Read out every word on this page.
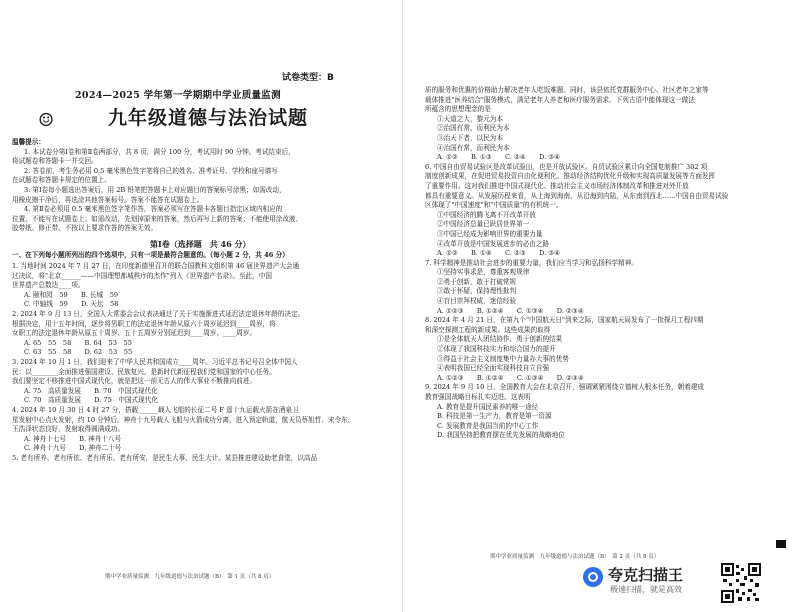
试卷类型：B
2024—2025 学年第一学期期中学业质量监测
☺	九年级道德与法治试题
温馨提示：
1. 本试卷分第Ⅰ卷和第Ⅱ卷两部分，共 8 页，满分 100 分，考试用时 90 分钟。考试结束后，
将试题卷和答题卡一并交回。
2. 答卷前，考生务必用 0.5 毫米黑色签字笔将自己的姓名、准考证号、学校和座号填写
在试题卷和答题卡规定的位置上。
3. 第Ⅰ卷每小题选出答案后，用 2B 铅笔把答题卡上对应题目的答案标号涂黑；如需改动，
用橡皮擦干净后，再选涂其他答案标号。答案不能答在试题卷上。
4. 第Ⅱ卷必须用 0.5 毫米黑色签字笔作答，答案必须写在答题卡各题目指定区域内相应的
位置，不能写在试题卷上；如需改动，先划掉原来的答案，然后再写上新的答案；不能使用涂改液、
胶带纸、修正带。不按以上要求作答的答案无效。
第Ⅰ卷（选择题　共 46 分）
一、在下列每小题所列出的四个选项中，只有一项是最符合题意的。（每小题 2 分，共 46 分）
1. 当地时间 2024 年 7 月 27 日，在印度新德里召开的联合国教科文组织第 46 届世界遗产大会通
过决议，将"北京______——中国理想都城秩序的杰作"列入《世界遗产名录》。至此，中国
世界遗产总数达____项。
A. 颐和园　59　　B. 长城　59
C. 中轴线　59　　D. 天坛　58
2. 2024 年 9 月 13 日，全国人大常委会会议表决通过了关于实施渐进式延迟法定退休年龄的决定。
根据决定，用十五年时间，逐步将男职工的法定退休年龄从原六十周岁延迟到____周岁，将
女职工的法定退休年龄从原五十周岁、五十五周岁分别延迟到____周岁、____周岁。
A. 65　55　58　　B. 64　53　55
C. 63　55　58　　D. 62　53　55
3. 2024 年 10 月 1 日，我们迎来了中华人民共和国成立____周年。习近平总书记号召全体中国人
民：以________全面推进强国建设、民族复兴，是新时代新征程我们党和国家的中心任务。
我们要坚定不移推进中国式现代化，就是把这一前无古人的伟大事业不断推向前进。
A. 75　高质量发展　　B. 70　中国式现代化
C. 70　高质量发展　　D. 75　中国式现代化
4. 2024 年 10 月 30 日 4 时 27 分，搭载______载人飞船的长征二号 F 遥十九运载火箭在酒泉卫
星发射中心点火发射，约 10 分钟后，神舟十九号载人飞船与火箭成功分离，进入预定轨道，航天员蔡旭哲、宋令东、
王浩泽状态良好，发射取得圆满成功。
A. 神舟十七号　　B. 神舟十八号
C. 神舟十九号　　D. 神舟二十号
5. 老有所养、老有所依、老有所乐、老有所安，是民生大事、民生大计。某县推进建设助老食堂，以高品
期中学业质量监测　九年级道德与法治试题（B）　第 1 页（共 8 页）
质的服务和优惠的价格助力解决老年人吃饭难题。同时，该县依托党群服务中心、社区老年之家等
载体推进"医养结合"服务模式，满足老年人养老和医疗服务需求。下列古语中能体现这一做法
所蕴含的思想理念的是
①天道之大，黎元为本
②治国有常，而利民为本
③治天下者，以民为本
④治国有常，而利民为本
A. ①②　　B. ①③　　C. ②④　　D. ③④
6. 中国自由贸易试验区是改革试验田，也是开放试验区。自贸试验区累计向全国复制推广 302 项
制度创新成果，在促进贸易投资自由化便利化、推动经济结构优化升级和实现高质量发展等方面发挥
了重要作用。这对我们推进中国式现代化、推动社会主义市场经济体制改革和推进对外开放
都具有重要意义。从发展历程来看，从上海到海南，从沿海到内陆，从东南到西北……中国自由贸易试验
区体现了"中国速度"和"中国质量"的有机统一。
①中国经济的腾飞离不开改革开放
②中国经济总量已跃居世界第一
③中国已经成为影响世界的重要力量
④改革开放是中国发展进步的必由之路
A. ①②　　B. ①④　　C. ②③　　D. ③④
7. 科学精神是推动社会进步的重要力量，我们应当学习和弘扬科学精神。
①坚持实事求是，尊重客观规律
②勇于创新，敢于打破常规
③敢于怀疑，保持理性批判
④盲目崇拜权威，迷信经验
A. ①②③　　B. ①②④　　C. ①③④　　D. ②③④
8. 2024 年 4 月 21 日，在第九个"中国航天日"到来之际，国家航天局发布了一批探月工程四期
和深空探测工程的新成果。这些成果的取得
①是全体航天人团结协作、勇于创新的结果
②体现了我国科技实力和综合国力的提升
③得益于社会主义制度集中力量办大事的优势
④表明我国已经全面实现科技自立自强
A. ①②③　　B. ①②④　　C. ①③④　　D. ②③④
9. 2024 年 9 月 10 日，全国教育大会在北京召开，强调紧紧围绕立德树人根本任务，朝着建成
教育强国战略目标扎实迈进。这表明
A. 教育是提升国民素养的唯一途径
B. 科技是第一生产力，教育是第一资源
C. 发展教育是我国当前的中心工作
D. 我国坚持把教育摆在优先发展的战略地位
期中学业质量监测　九年级道德与法治试题（B）　第 2 页（共 8 页）
夸克扫描王
极速扫描，就是高效
